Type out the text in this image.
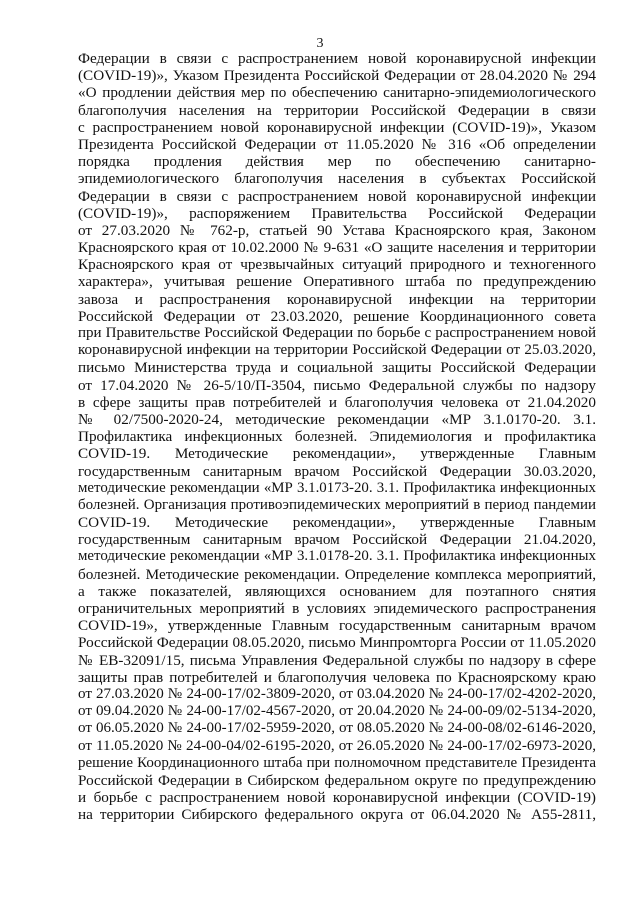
3
Федерации в связи с распространением новой коронавирусной инфекции
(COVID-19)», Указом Президента Российской Федерации от 28.04.2020 № 294
«О продлении действия мер по обеспечению санитарно-эпидемиологического
благополучия населения на территории Российской Федерации в связи
с распространением новой коронавирусной инфекции (COVID-19)», Указом
Президента Российской Федерации от 11.05.2020 № 316 «Об определении
порядка продления действия мер по обеспечению санитарно-
эпидемиологического благополучия населения в субъектах Российской
Федерации в связи с распространением новой коронавирусной инфекции
(COVID-19)», распоряжением Правительства Российской Федерации
от 27.03.2020 № 762-р, статьей 90 Устава Красноярского края, Законом
Красноярского края от 10.02.2000 № 9-631 «О защите населения и территории
Красноярского края от чрезвычайных ситуаций природного и техногенного
характера», учитывая решение Оперативного штаба по предупреждению
завоза и распространения коронавирусной инфекции на территории
Российской Федерации от 23.03.2020, решение Координационного совета
при Правительстве Российской Федерации по борьбе с распространением новой
коронавирусной инфекции на территории Российской Федерации от 25.03.2020,
письмо Министерства труда и социальной защиты Российской Федерации
от 17.04.2020 № 26-5/10/П-3504, письмо Федеральной службы по надзору
в сфере защиты прав потребителей и благополучия человека от 21.04.2020
№ 02/7500-2020-24, методические рекомендации «МР 3.1.0170-20. 3.1.
Профилактика инфекционных болезней. Эпидемиология и профилактика
COVID-19. Методические рекомендации», утвержденные Главным
государственным санитарным врачом Российской Федерации 30.03.2020,
методические рекомендации «МР 3.1.0173-20. 3.1. Профилактика инфекционных
болезней. Организация противоэпидемических мероприятий в период пандемии
COVID-19. Методические рекомендации», утвержденные Главным
государственным санитарным врачом Российской Федерации 21.04.2020,
методические рекомендации «МР 3.1.0178-20. 3.1. Профилактика инфекционных
болезней. Методические рекомендации. Определение комплекса мероприятий,
а также показателей, являющихся основанием для поэтапного снятия
ограничительных мероприятий в условиях эпидемического распространения
COVID-19», утвержденные Главным государственным санитарным врачом
Российской Федерации 08.05.2020, письмо Минпромторга России от 11.05.2020
№ ЕВ-32091/15, письма Управления Федеральной службы по надзору в сфере
защиты прав потребителей и благополучия человека по Красноярскому краю
от 27.03.2020 № 24-00-17/02-3809-2020, от 03.04.2020 № 24-00-17/02-4202-2020,
от 09.04.2020 № 24-00-17/02-4567-2020, от 20.04.2020 № 24-00-09/02-5134-2020,
от 06.05.2020 № 24-00-17/02-5959-2020, от 08.05.2020 № 24-00-08/02-6146-2020,
от 11.05.2020 № 24-00-04/02-6195-2020, от 26.05.2020 № 24-00-17/02-6973-2020,
решение Координационного штаба при полномочном представителе Президента
Российской Федерации в Сибирском федеральном округе по предупреждению
и борьбе с распространением новой коронавирусной инфекции (COVID-19)
на территории Сибирского федерального округа от 06.04.2020 № А55-2811,
